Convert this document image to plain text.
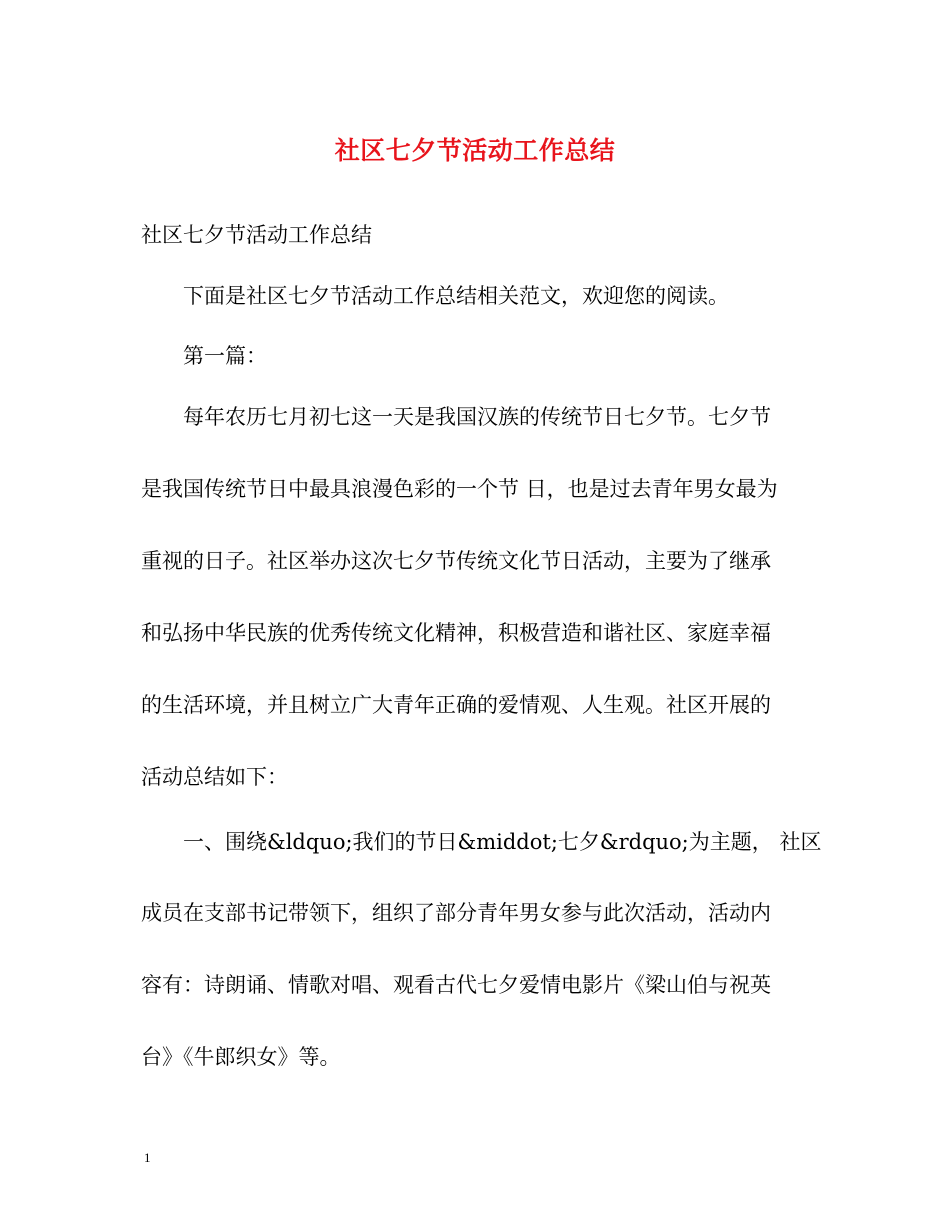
社区七夕节活动工作总结
社区七夕节活动工作总结
下面是社区七夕节活动工作总结相关范文，欢迎您的阅读。
第一篇：
每年农历七月初七这一天是我国汉族的传统节日七夕节。七夕节
是我国传统节日中最具浪漫色彩的一个节 日，也是过去青年男女最为
重视的日子。社区举办这次七夕节传统文化节日活动，主要为了继承
和弘扬中华民族的优秀传统文化精神，积极营造和谐社区、家庭幸福
的生活环境，并且树立广大青年正确的爱情观、人生观。社区开展的
活动总结如下：
一、围绕&ldquo;我们的节日&middot;七夕&rdquo;为主题， 社区
成员在支部书记带领下，组织了部分青年男女参与此次活动，活动内
容有：诗朗诵、情歌对唱、观看古代七夕爱情电影片《梁山伯与祝英
台》《牛郎织女》等。
1
